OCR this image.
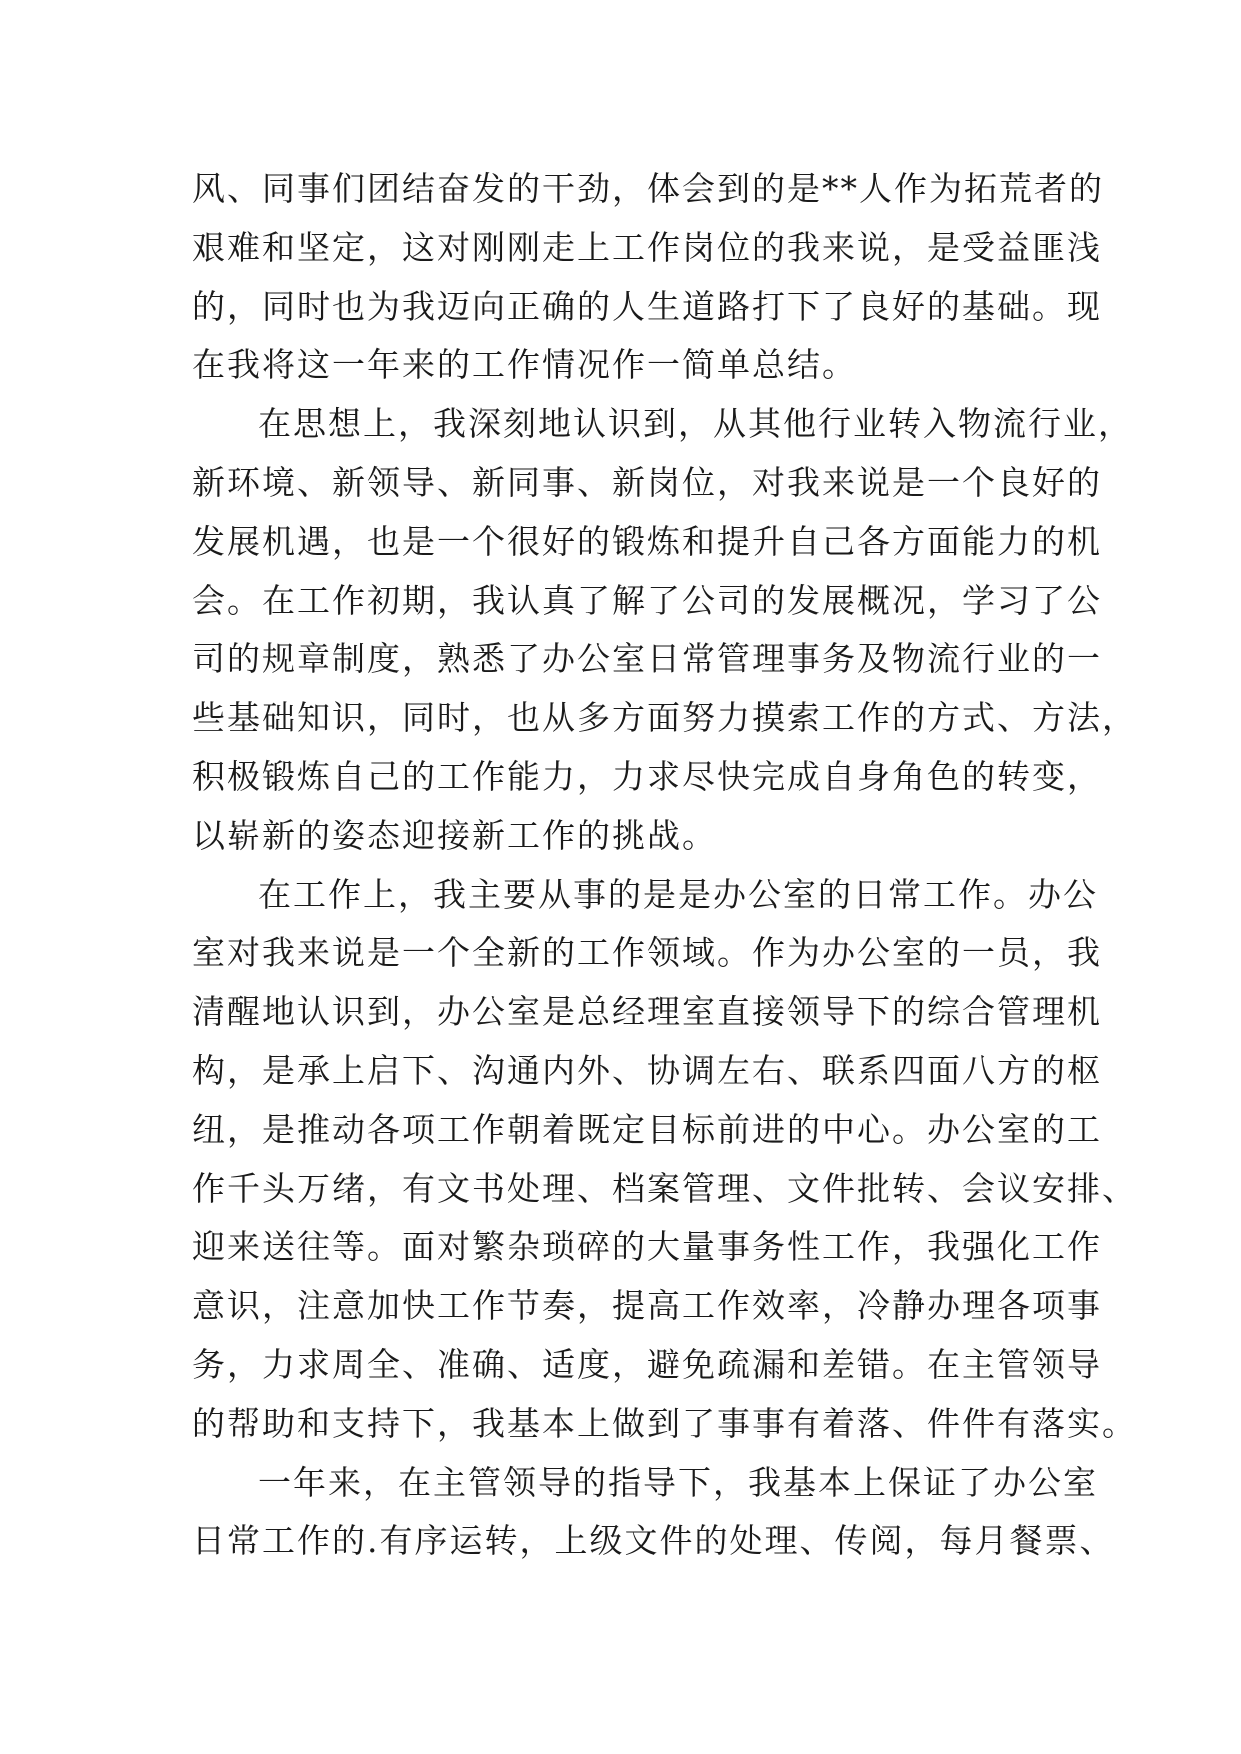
风、同事们团结奋发的干劲，体会到的是**人作为拓荒者的
艰难和坚定，这对刚刚走上工作岗位的我来说，是受益匪浅
的，同时也为我迈向正确的人生道路打下了良好的基础。现
在我将这一年来的工作情况作一简单总结。
在思想上，我深刻地认识到，从其他行业转入物流行业，
新环境、新领导、新同事、新岗位，对我来说是一个良好的
发展机遇，也是一个很好的锻炼和提升自己各方面能力的机
会。在工作初期，我认真了解了公司的发展概况，学习了公
司的规章制度，熟悉了办公室日常管理事务及物流行业的一
些基础知识，同时，也从多方面努力摸索工作的方式、方法，
积极锻炼自己的工作能力，力求尽快完成自身角色的转变，
以崭新的姿态迎接新工作的挑战。
在工作上，我主要从事的是是办公室的日常工作。办公
室对我来说是一个全新的工作领域。作为办公室的一员，我
清醒地认识到，办公室是总经理室直接领导下的综合管理机
构，是承上启下、沟通内外、协调左右、联系四面八方的枢
纽，是推动各项工作朝着既定目标前进的中心。办公室的工
作千头万绪，有文书处理、档案管理、文件批转、会议安排、
迎来送往等。面对繁杂琐碎的大量事务性工作，我强化工作
意识，注意加快工作节奏，提高工作效率，冷静办理各项事
务，力求周全、准确、适度，避免疏漏和差错。在主管领导
的帮助和支持下，我基本上做到了事事有着落、件件有落实。
一年来，在主管领导的指导下，我基本上保证了办公室
日常工作的.有序运转，上级文件的处理、传阅，每月餐票、
